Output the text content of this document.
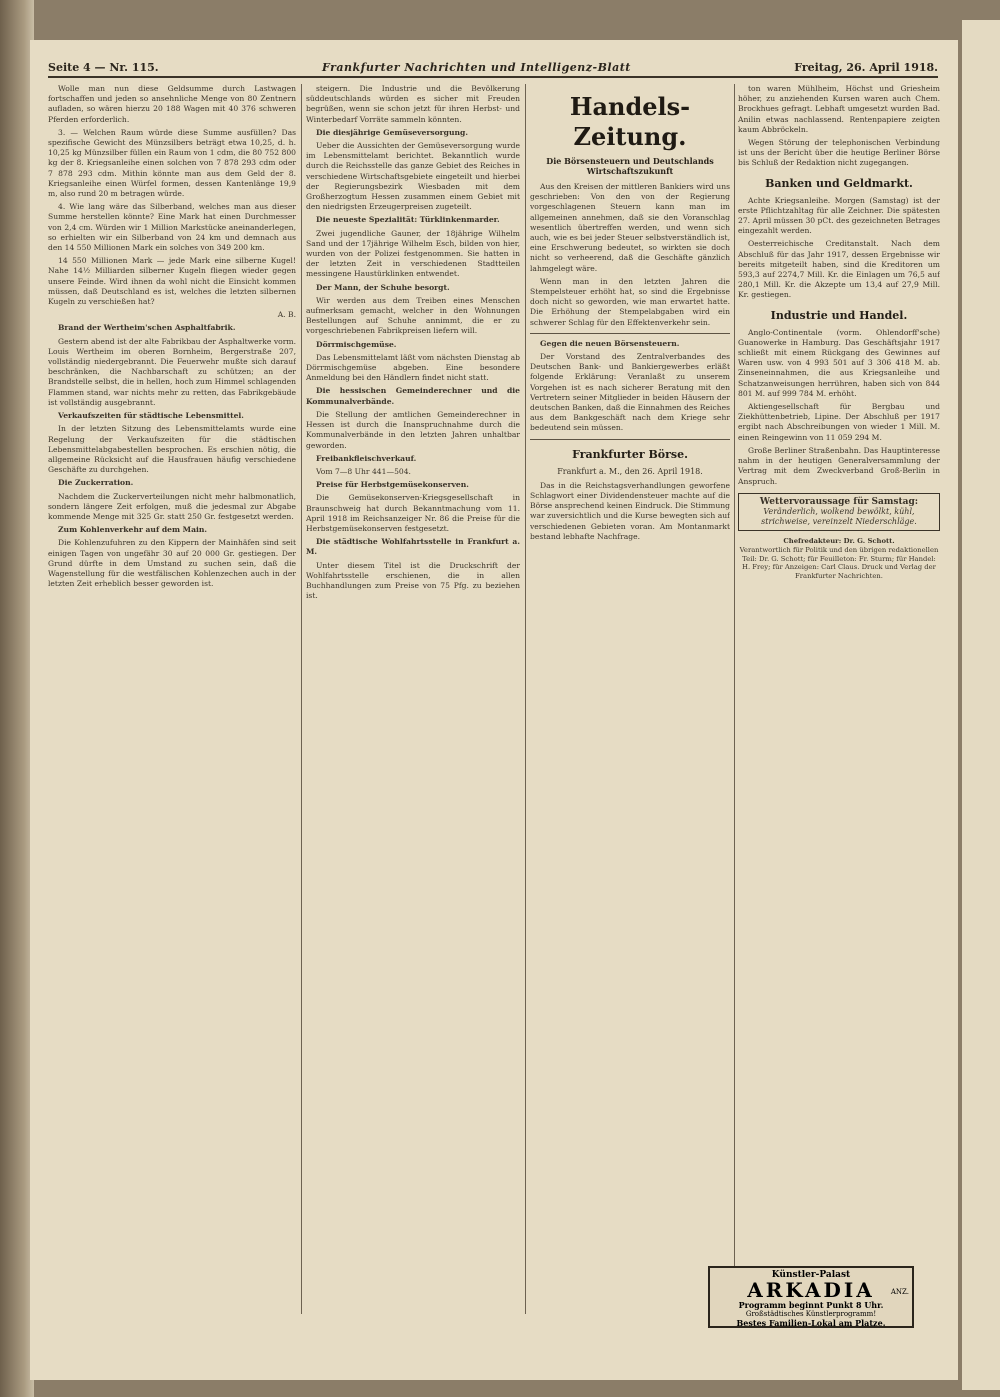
Seite 4 — Nr. 115.	Frankfurter Nachrichten und Intelligenz-Blatt	Freitag, 26. April 1918.

Wolle man nun diese Geldsumme durch Lastwagen fortschaffen und jeden so ansehnliche Menge von 80 Zentnern aufladen, so wären hierzu 20 188 Wagen mit 40 376 schweren Pferden erforderlich.

3. — Welchen Raum würde diese Summe ausfüllen? Das spezifische Gewicht des Münzsilbers beträgt etwa 10,25, d. h. 10,25 kg Münzsilber füllen ein Raum von 1 cdm, die 80 752 800 kg der 8. Kriegsanleihe einen solchen von 7 878 293 cdm oder 7 878 293 cdm. Mithin könnte man aus dem Geld der 8. Kriegsanleihe einen Würfel formen, dessen Kantenlänge 19,9 m, also rund 20 m betragen würde.

4. Wie lang wäre das Silberband, welches man aus dieser Summe herstellen könnte? Eine Mark hat einen Durchmesser von 2,4 cm. Würden wir 1 Million Markstücke aneinanderlegen, so erhielten wir ein Silberband von 24 km und demnach aus den 14 550 Millionen Mark ein solches von 349 200 km.

14 550 Millionen Mark — jede Mark eine silberne Kugel! Nahe 14½ Milliarden silberner Kugeln fliegen wieder gegen unsere Feinde. Wird ihnen da wohl nicht die Einsicht kommen müssen, daß Deutschland es ist, welches die letzten silbernen Kugeln zu verschießen hat?

A. B.

Brand der Wertheim'schen Asphaltfabrik.

Gestern abend ist der alte Fabrikbau der Asphaltwerke vorm. Louis Wertheim im oberen Bornheim, Bergerstraße 207, vollständig niedergebrannt. Die Feuerwehr mußte sich darauf beschränken, die Nachbarschaft zu schützen; an der Brandstelle selbst, die in hellen, hoch zum Himmel schlagenden Flammen stand, war nichts mehr zu retten, das Fabrikgebäude ist vollständig ausgebrannt.

Verkaufszeiten für städtische Lebensmittel.

In der letzten Sitzung des Lebensmittelamts wurde eine Regelung der Verkaufszeiten für die städtischen Lebensmittelabgabestellen besprochen. Es erschien nötig, die allgemeine Rücksicht auf die Hausfrauen häufig verschiedene Geschäfte zu durchgehen.

Die Zuckerration.

Nachdem die Zuckerverteilungen nicht mehr halbmonatlich, sondern längere Zeit erfolgen, muß die jedesmal zur Abgabe kommende Menge mit 325 Gr. statt 250 Gr. festgesetzt werden.

Zum Kohlenverkehr auf dem Main.

Die Kohlenzufuhren zu den Kippern der Mainhäfen sind seit einigen Tagen von ungefähr 30 auf 20 000 Gr. gestiegen. Der Grund dürfte in dem Umstand zu suchen sein, daß die Wagenstellung für die westfälischen Kohlenzechen auch in der letzten Zeit erheblich besser geworden ist.

steigern. Die Industrie und die Bevölkerung süddeutschlands würden es sicher mit Freuden begrüßen, wenn sie schon jetzt für ihren Herbst- und Winterbedarf Vorräte sammeln könnten.

Die diesjährige Gemüseversorgung.

Ueber die Aussichten der Gemüseversorgung wurde im Lebensmittelamt berichtet. Bekanntlich wurde durch die Reichsstelle das ganze Gebiet des Reiches in verschiedene Wirtschaftsgebiete eingeteilt und hierbei der Regierungsbezirk Wiesbaden mit dem Großherzogtum Hessen zusammen einem Gebiet mit den niedrigsten Erzeugerpreisen zugeteilt.

Die neueste Spezialität: Türklinkenmarder.

Zwei jugendliche Gauner, der 18jährige Wilhelm Sand und der 17jährige Wilhelm Esch, bilden von hier, wurden von der Polizei festgenommen. Sie hatten in der letzten Zeit in verschiedenen Stadtteilen messingene Haustürklinken entwendet.

Der Mann, der Schuhe besorgt.

Wir werden aus dem Treiben eines Menschen aufmerksam gemacht, welcher in den Wohnungen Bestellungen auf Schuhe annimmt, die er zu vorgeschriebenen Fabrikpreisen liefern will.

Dörrmischgemüse.

Das Lebensmittelamt läßt vom nächsten Dienstag ab Dörrmischgemüse abgeben. Eine besondere Anmeldung bei den Händlern findet nicht statt.

Die hessischen Gemeinderechner und die Kommunalverbände.

Die Stellung der amtlichen Gemeinderechner in Hessen ist durch die Inanspruchnahme durch die Kommunalverbände in den letzten Jahren unhaltbar geworden.

Freibankfleischverkauf.

Vom 7—8 Uhr 441—504.

Preise für Herbstgemüsekonserven.

Die Gemüsekonserven-Kriegsgesellschaft in Braunschweig hat durch Bekanntmachung vom 11. April 1918 im Reichsanzeiger Nr. 86 die Preise für die Herbstgemüsekonserven festgesetzt.

Die städtische Wohlfahrtsstelle in Frankfurt a. M.

Unter diesem Titel ist die Druckschrift der Wohlfahrtsstelle erschienen, die in allen Buchhandlungen zum Preise von 75 Pfg. zu beziehen ist.

Handels-Zeitung.
Die Börsensteuern und Deutschlands Wirtschaftszukunft

Aus den Kreisen der mittleren Bankiers wird uns geschrieben: Von den von der Regierung vorgeschlagenen Steuern kann man im allgemeinen annehmen, daß sie den Voranschlag wesentlich übertreffen werden, und wenn sich auch, wie es bei jeder Steuer selbstverständlich ist, eine Erschwerung bedeutet, so wirkten sie doch nicht so verheerend, daß die Geschäfte gänzlich lahmgelegt wäre.

Wenn man in den letzten Jahren die Stempelsteuer erhöht hat, so sind die Ergebnisse doch nicht so geworden, wie man erwartet hatte. Die Erhöhung der Stempelabgaben wird ein schwerer Schlag für den Effektenverkehr sein.

Gegen die neuen Börsensteuern.

Der Vorstand des Zentralverbandes des Deutschen Bank- und Bankiergewerbes erläßt folgende Erklärung: Veranlaßt zu unserem Vorgehen ist es nach sicherer Beratung mit den Vertretern seiner Mitglieder in beiden Häusern der deutschen Banken, daß die Einnahmen des Reiches aus dem Bankgeschäft nach dem Kriege sehr bedeutend sein müssen.

Frankfurter Börse.
Frankfurt a. M., den 26. April 1918.

Das in die Reichstagsverhandlungen geworfene Schlagwort einer Dividendensteuer machte auf die Börse ansprechend keinen Eindruck. Die Stimmung war zuversichtlich und die Kurse bewegten sich auf verschiedenen Gebieten voran. Am Montanmarkt bestand lebhafte Nachfrage.

ton waren Mühlheim, Höchst und Griesheim höher, zu anziehenden Kursen waren auch Chem. Brockhues gefragt. Lebhaft umgesetzt wurden Bad. Anilin etwas nachlassend. Rentenpapiere zeigten kaum Abbröckeln.

Wegen Störung der telephonischen Verbindung ist uns der Bericht über die heutige Berliner Börse bis Schluß der Redaktion nicht zugegangen.

Banken und Geldmarkt.

Achte Kriegsanleihe. Morgen (Samstag) ist der erste Pflichtzahltag für alle Zeichner. Die spätesten 27. April müssen 30 pCt. des gezeichneten Betrages eingezahlt werden.

Oesterreichische Creditanstalt. Nach dem Abschluß für das Jahr 1917, dessen Ergebnisse wir bereits mitgeteilt haben, sind die Kreditoren um 593,3 auf 2274,7 Mill. Kr. die Einlagen um 76,5 auf 280,1 Mill. Kr. die Akzepte um 13,4 auf 27,9 Mill. Kr. gestiegen.

Industrie und Handel.

Anglo-Continentale (vorm. Ohlendorff'sche) Guanowerke in Hamburg. Das Geschäftsjahr 1917 schließt mit einem Rückgang des Gewinnes auf Waren usw. von 4 993 501 auf 3 306 418 M. ab. Zinseneinnahmen, die aus Kriegsanleihe und Schatzanweisungen herrühren, haben sich von 844 801 M. auf 999 784 M. erhöht.

Aktiengesellschaft für Bergbau und Ziekhüttenbetrieb, Lipine. Der Abschluß per 1917 ergibt nach Abschreibungen von wieder 1 Mill. M. einen Reingewinn von 11 059 294 M.

Große Berliner Straßenbahn. Das Hauptinteresse nahm in der heutigen Generalversammlung der Vertrag mit dem Zweckverband Groß-Berlin in Anspruch.

Wettervoraussage für Samstag:
Veränderlich, wolkend bewölkt, kühl,
strichweise, vereinzelt Niederschläge.
Chefredakteur: Dr. G. Schott.
Verantwortlich für Politik und den übrigen redaktionellen Teil: Dr. G. Schott; für Feuilleton: Fr. Sturm; für Handel: H. Frey; für Anzeigen: Carl Claus. Druck und Verlag der Frankfurter Nachrichten.
Künstler-Palast
ARKADIA	ANZ.
Programm beginnt Punkt 8 Uhr.
Großstädtisches Künstlerprogramm!
Bestes Familien-Lokal am Platze.
